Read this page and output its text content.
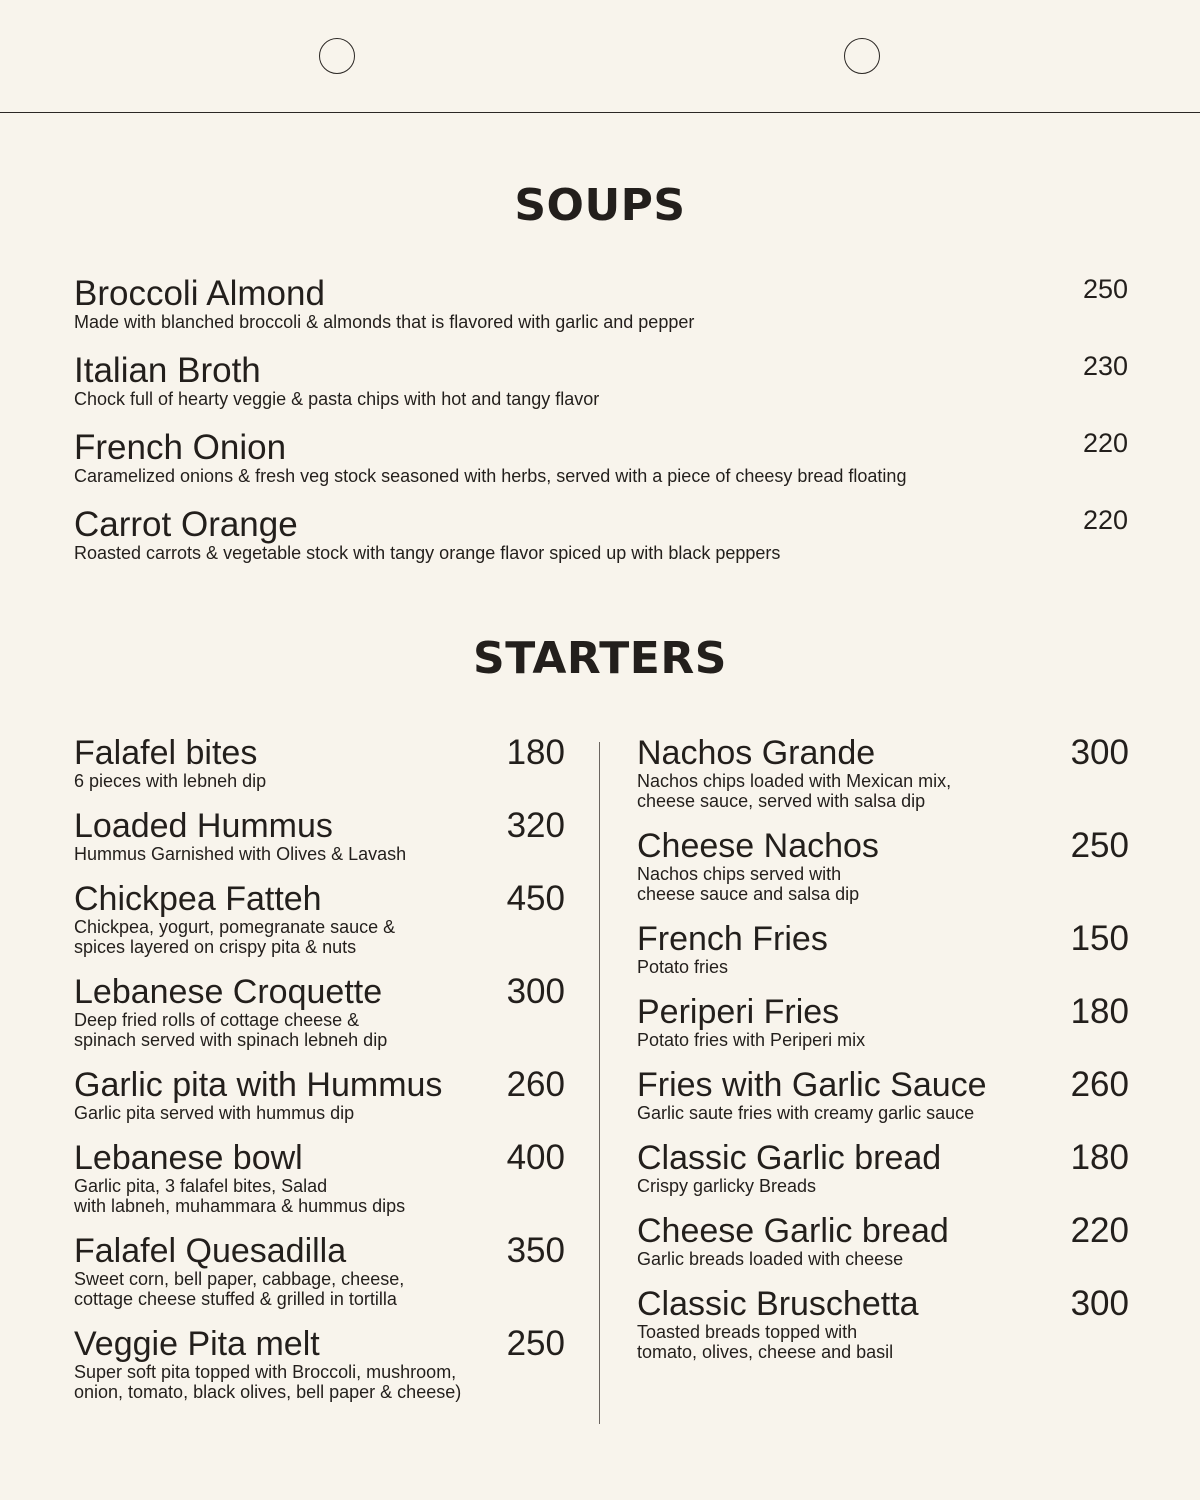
SOUPS
Broccoli Almond
Made with blanched broccoli & almonds that is flavored with garlic and pepper
250
Italian Broth
Chock full of hearty veggie & pasta chips with hot and tangy flavor
230
French Onion
Caramelized onions & fresh veg stock seasoned with herbs, served with a piece of cheesy bread floating
220
Carrot Orange
Roasted carrots & vegetable stock with tangy orange flavor spiced up with black peppers
220
STARTERS
Falafel bites
6 pieces with lebneh dip
180
Loaded Hummus
Hummus Garnished with Olives & Lavash
320
Chickpea Fatteh
Chickpea, yogurt, pomegranate sauce &
spices layered on crispy pita & nuts
450
Lebanese Croquette
Deep fried rolls of cottage cheese &
spinach served with spinach lebneh dip
300
Garlic pita with Hummus
Garlic pita served with hummus dip
260
Lebanese bowl
Garlic pita, 3 falafel bites, Salad
with labneh, muhammara & hummus dips
400
Falafel Quesadilla
Sweet corn, bell paper, cabbage, cheese,
cottage cheese stuffed & grilled in tortilla
350
Veggie Pita melt
Super soft pita topped with Broccoli, mushroom,
onion, tomato, black olives, bell paper & cheese)
250
Nachos Grande
Nachos chips loaded with Mexican mix,
cheese sauce, served with salsa dip
300
Cheese Nachos
Nachos chips served with
cheese sauce and salsa dip
250
French Fries
Potato fries
150
Periperi Fries
Potato fries with Periperi mix
180
Fries with Garlic Sauce
Garlic saute fries with creamy garlic sauce
260
Classic Garlic bread
Crispy garlicky Breads
180
Cheese Garlic bread
Garlic breads loaded with cheese
220
Classic Bruschetta
Toasted breads topped with
tomato, olives, cheese and basil
300
